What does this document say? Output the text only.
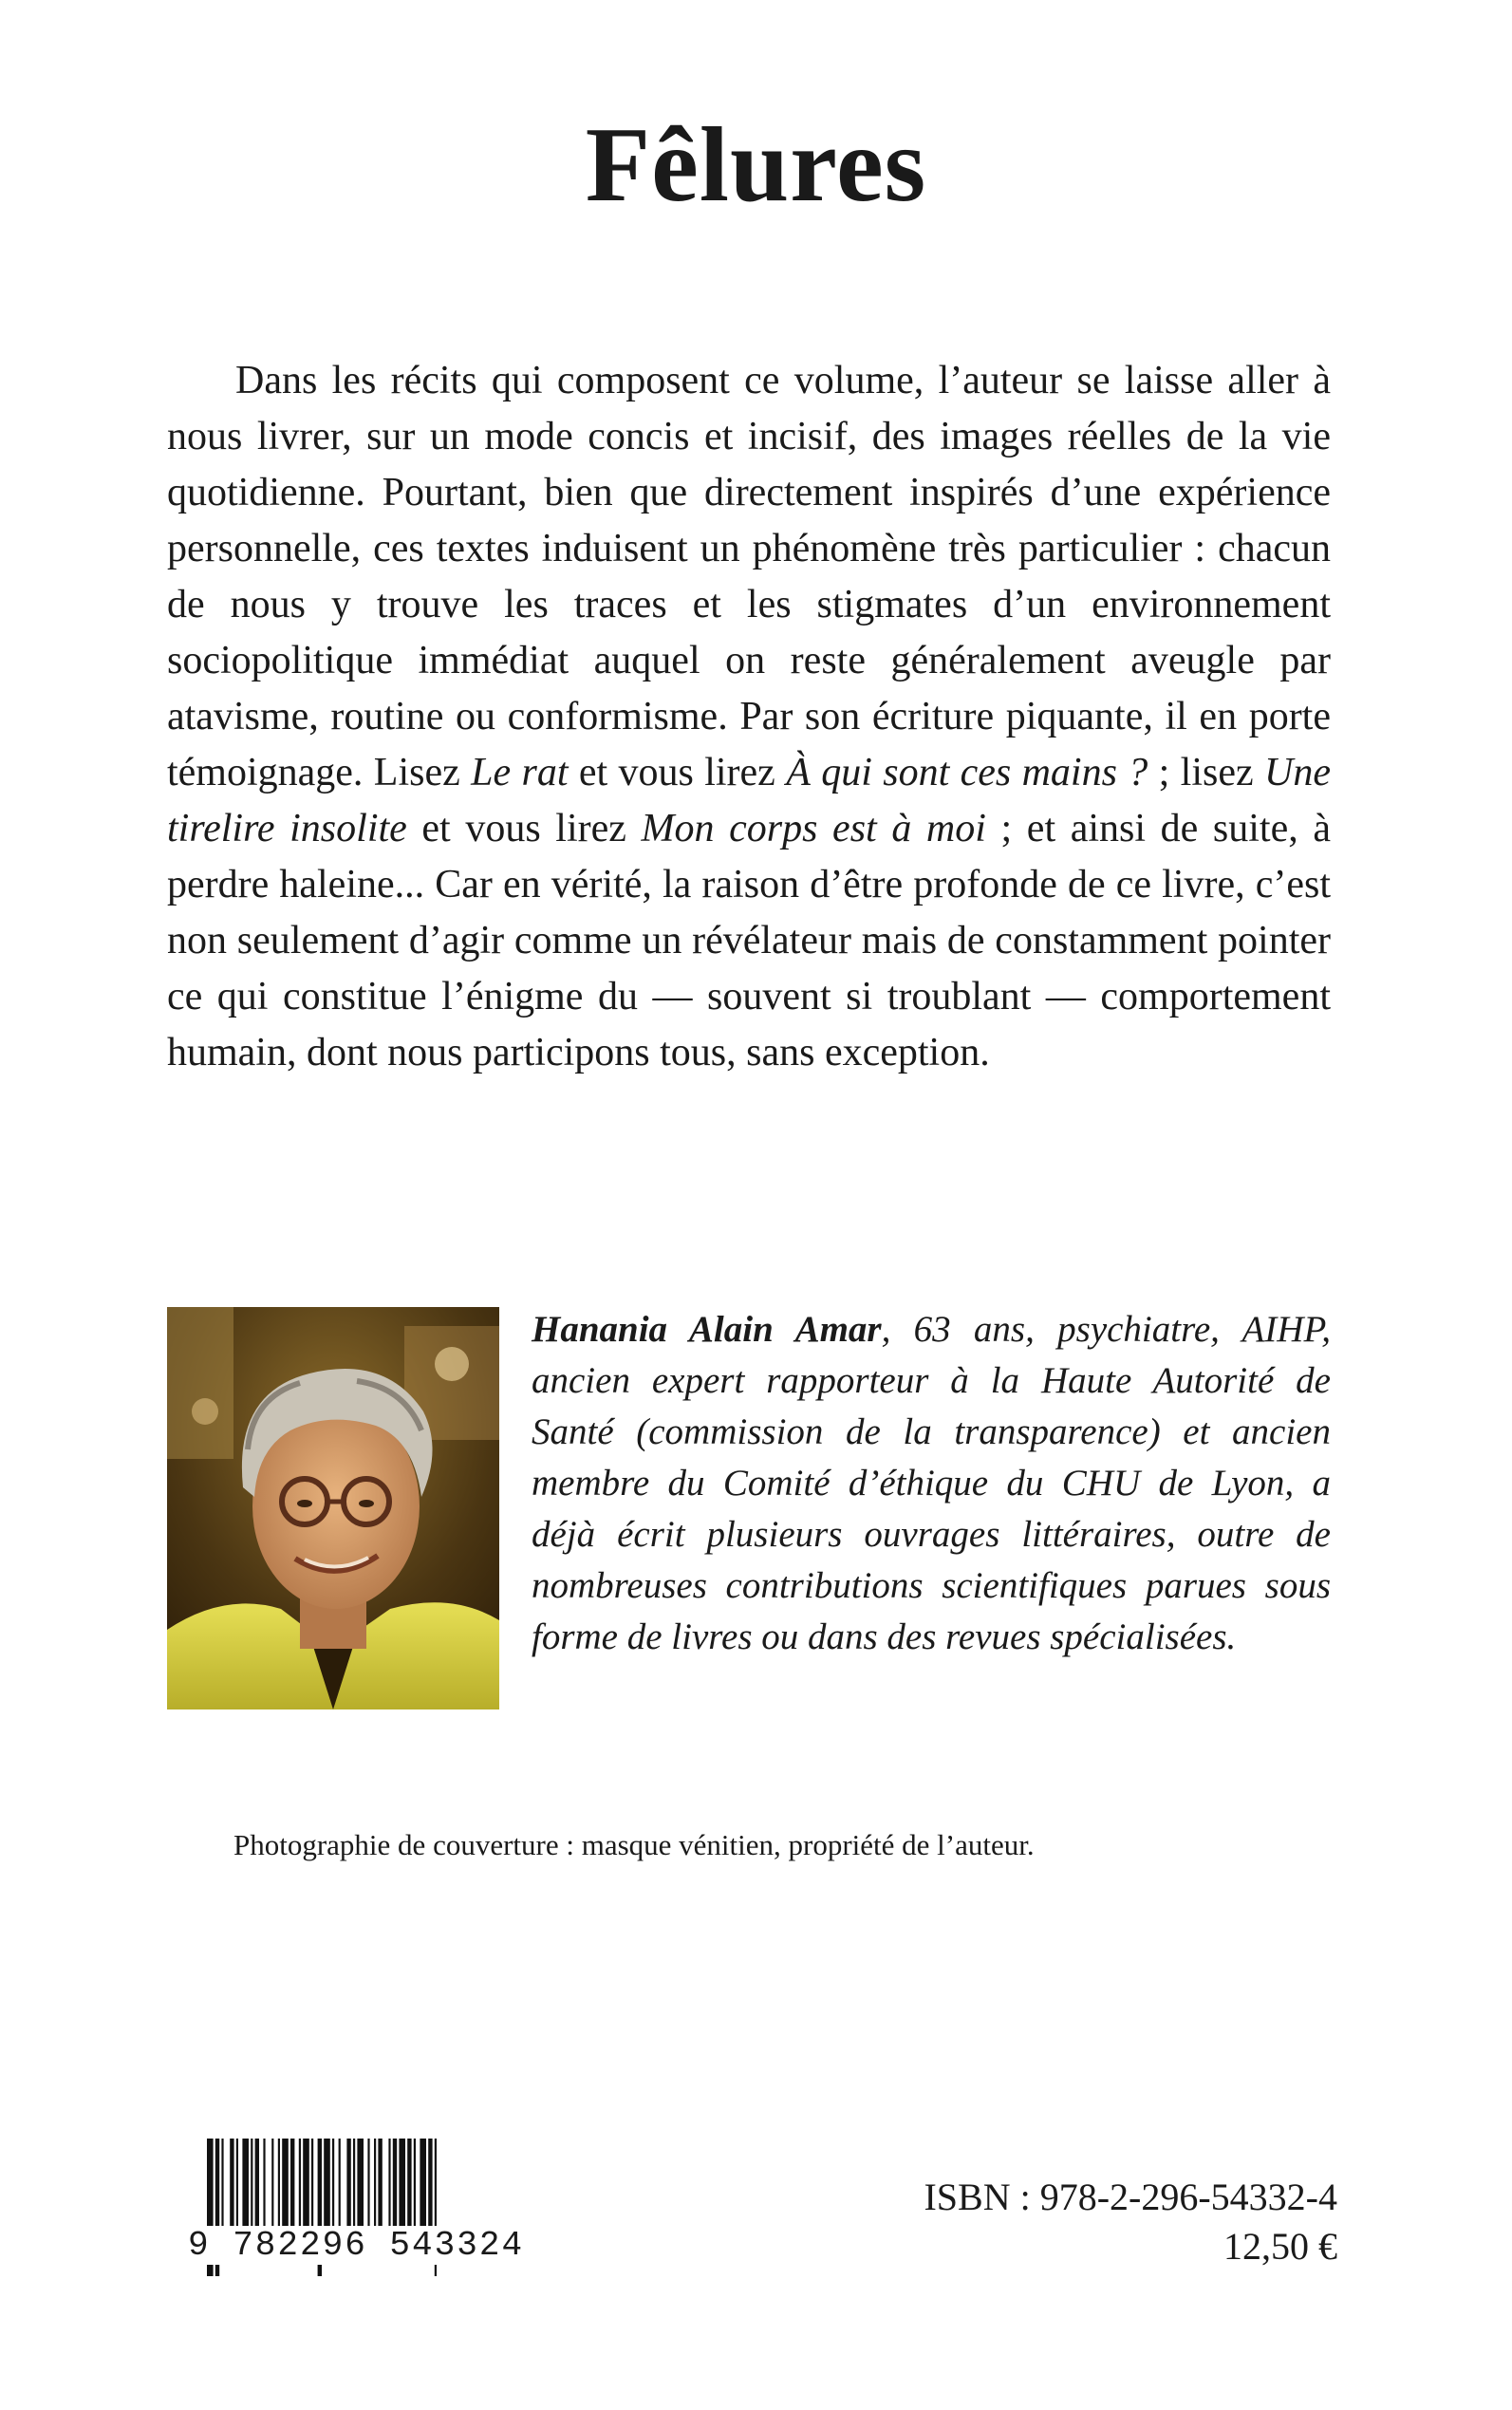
Fêlures

Dans les récits qui composent ce volume, l’auteur se laisse aller à nous livrer, sur un mode concis et incisif, des images réelles de la vie quotidienne. Pourtant, bien que directement inspirés d’une expérience personnelle, ces textes induisent un phénomène très particulier : chacun de nous y trouve les traces et les stigmates d’un environnement sociopolitique immédiat auquel on reste généralement aveugle par atavisme, routine ou conformisme. Par son écriture piquante, il en porte témoignage. Lisez Le rat et vous lirez À qui sont ces mains ? ; lisez Une tirelire insolite et vous lirez Mon corps est à moi ; et ainsi de suite, à perdre haleine... Car en vérité, la raison d’être profonde de ce livre, c’est non seulement d’agir comme un révélateur mais de constamment pointer ce qui constitue l’énigme du — souvent si troublant — comportement humain, dont nous participons tous, sans exception.

Hanania Alain Amar, 63 ans, psychiatre, AIHP, ancien expert rapporteur à la Haute Autorité de Santé (commission de la transparence) et ancien membre du Comité d’éthique du CHU de Lyon, a déjà écrit plusieurs ouvrages littéraires, outre de nombreuses contributions scientifiques parues sous forme de livres ou dans des revues spécialisées.

Photographie de couverture : masque vénitien, propriété de l’auteur.

9 782296 543324

ISBN : 978-2-296-54332-4

12,50 €
